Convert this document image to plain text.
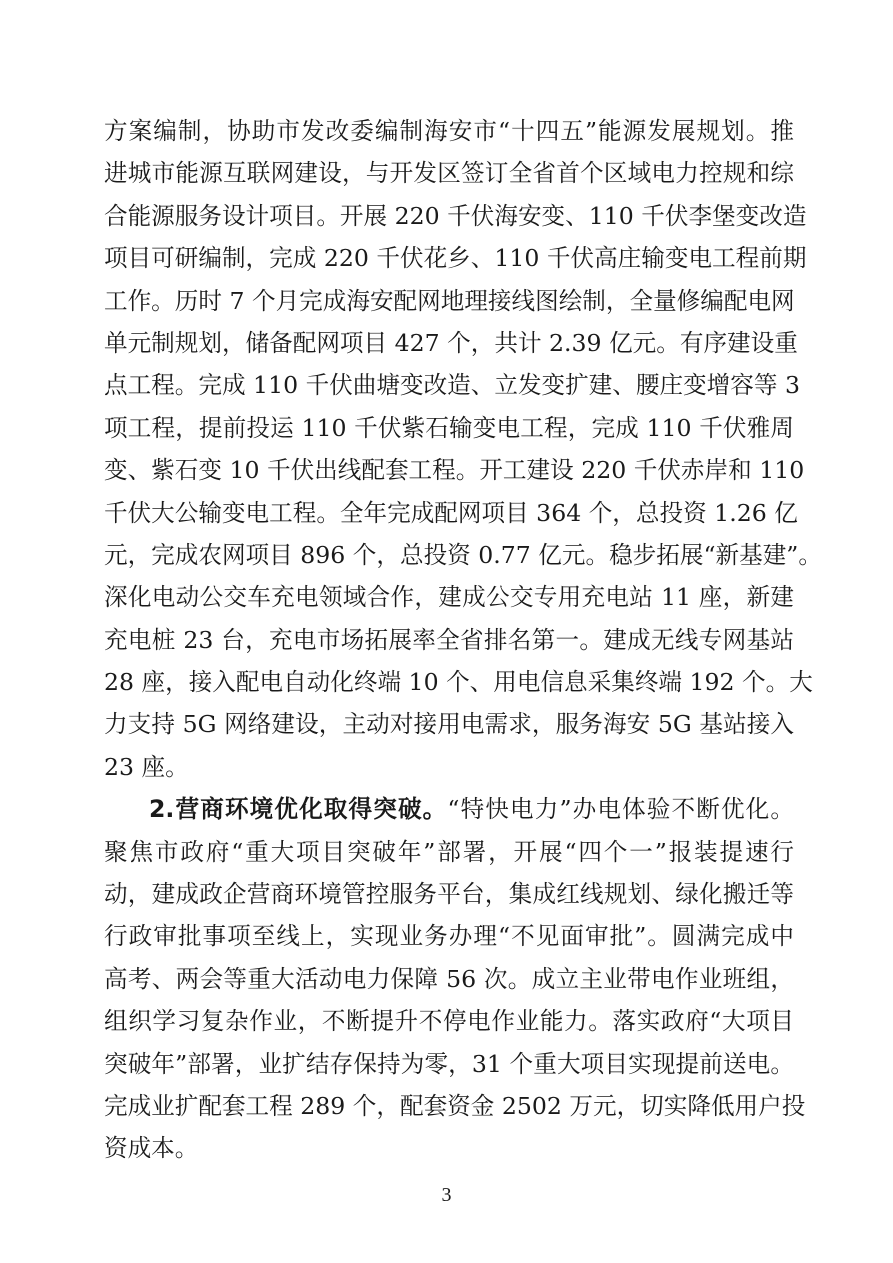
方案编制，协助市发改委编制海安市“十四五”能源发展规划。推
进城市能源互联网建设，与开发区签订全省首个区域电力控规和综
合能源服务设计项目。开展 220 千伏海安变、110 千伏李堡变改造
项目可研编制，完成 220 千伏花乡、110 千伏高庄输变电工程前期
工作。历时 7 个月完成海安配网地理接线图绘制，全量修编配电网
单元制规划，储备配网项目 427 个，共计 2.39 亿元。有序建设重
点工程。完成 110 千伏曲塘变改造、立发变扩建、腰庄变增容等 3
项工程，提前投运 110 千伏紫石输变电工程，完成 110 千伏雅周
变、紫石变 10 千伏出线配套工程。开工建设 220 千伏赤岸和 110
千伏大公输变电工程。全年完成配网项目 364 个，总投资 1.26 亿
元，完成农网项目 896 个，总投资 0.77 亿元。稳步拓展“新基建”。
深化电动公交车充电领域合作，建成公交专用充电站 11 座，新建
充电桩 23 台，充电市场拓展率全省排名第一。建成无线专网基站
28 座，接入配电自动化终端 10 个、用电信息采集终端 192 个。大
力支持 5G 网络建设，主动对接用电需求，服务海安 5G 基站接入
23 座。
2.营商环境优化取得突破。“特快电力”办电体验不断优化。
聚焦市政府“重大项目突破年”部署，开展“四个一”报装提速行
动，建成政企营商环境管控服务平台，集成红线规划、绿化搬迁等
行政审批事项至线上，实现业务办理“不见面审批”。圆满完成中
高考、两会等重大活动电力保障 56 次。成立主业带电作业班组，
组织学习复杂作业，不断提升不停电作业能力。落实政府“大项目
突破年”部署，业扩结存保持为零，31 个重大项目实现提前送电。
完成业扩配套工程 289 个，配套资金 2502 万元，切实降低用户投
资成本。
3
